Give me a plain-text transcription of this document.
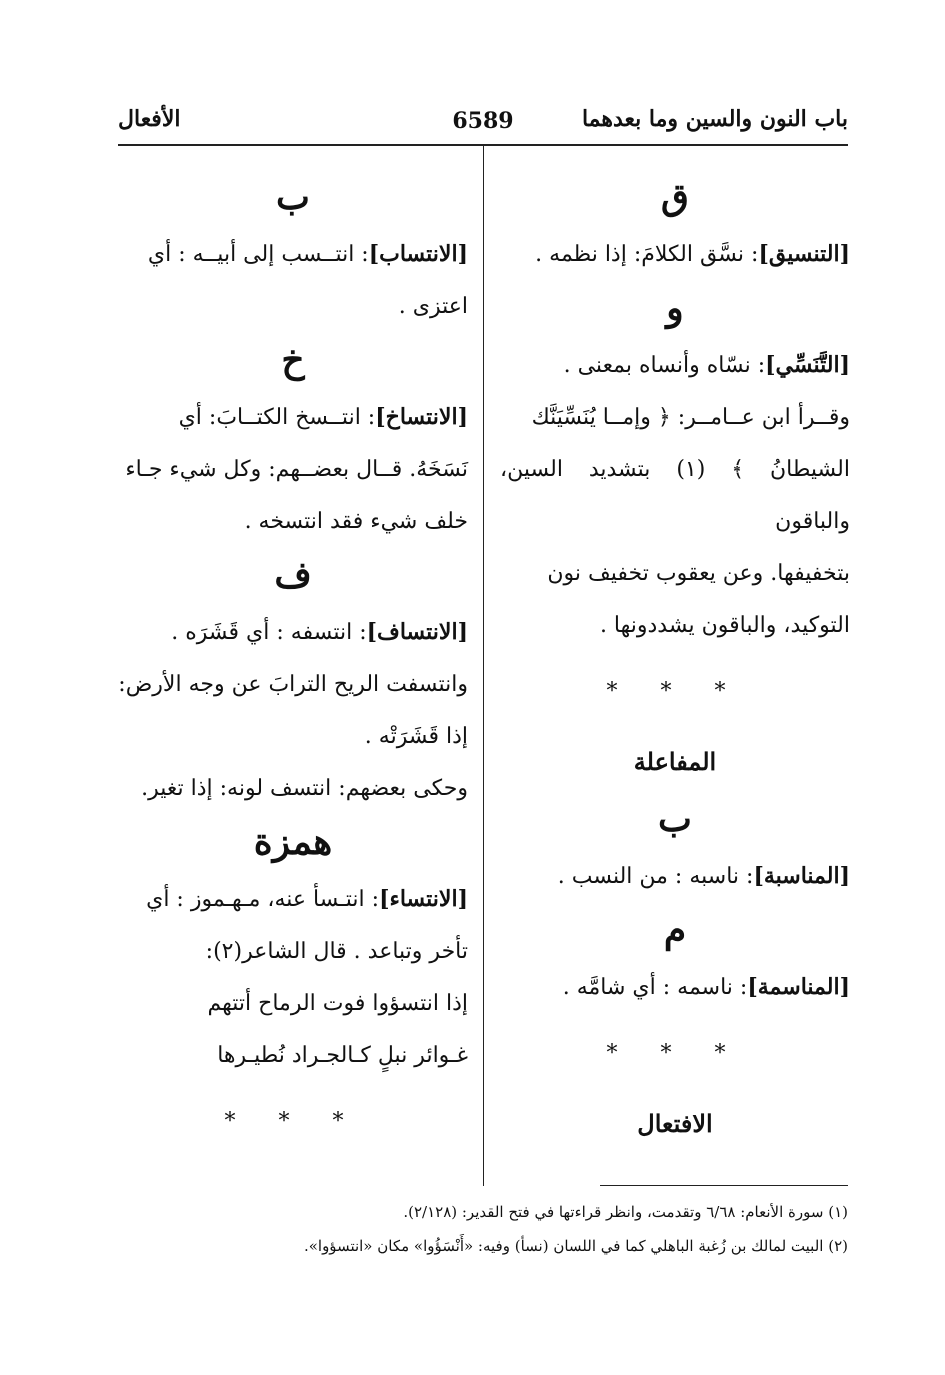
باب النون والسين وما بعدهما
6589
الأفعال
ق

[التنسيق]: نسَّق الكلامَ: إذا نظمه .

و

[التَّنَسِّي]: نسّاه وأنساه بمعنى .

وقــرأ ابن عــامــر: ﴿ وإمــا يُنَسِّيَنَّك

الشيطانُ ﴾ (١) بتشديد السين، والباقون

بتخفيفها. وعن يعقوب تخفيف نون

التوكيد، والباقون يشددونها .

* * *
المفاعلة
ب

[المناسبة]: ناسبه : من النسب .

م

[المناسمة]: ناسمه : أي شامَّه .

* * *
الافتعال
ب

[الانتساب]: انتــسب إلى أبيــه : أي

اعتزى .

خ

[الانتساخ]: انتــسخ الكتــابَ: أي

نَسَخَهُ. قــال بعضــهم: وكل شيء جـاء

خلف شيء فقد انتسخه .

ف

[الانتساف]: انتسفه : أي قَشَرَه .

وانتسفت الريح الترابَ عن وجه الأرض:

إذا قَشَرَتْه .

وحكى بعضهم: انتسف لونه: إذا تغير.

همزة

[الانتساء]: انتـسأ عنه، مـهـموز : أي

تأخر وتباعد . قال الشاعر(٢):

إذا انتسؤوا فوت الرماح أتتهم

غـوائر نبلٍ كـالجـراد نُطيـرها

* * *
(١) سورة الأنعام: ٦/٦٨ وتقدمت، وانظر قراءتها في فتح القدير: (٢/١٢٨).
(٢) البيت لمالك بن زُغبة الباهلي كما في اللسان (نسأ) وفيه: «أَنْسَؤُوا» مكان «انتسؤوا».
